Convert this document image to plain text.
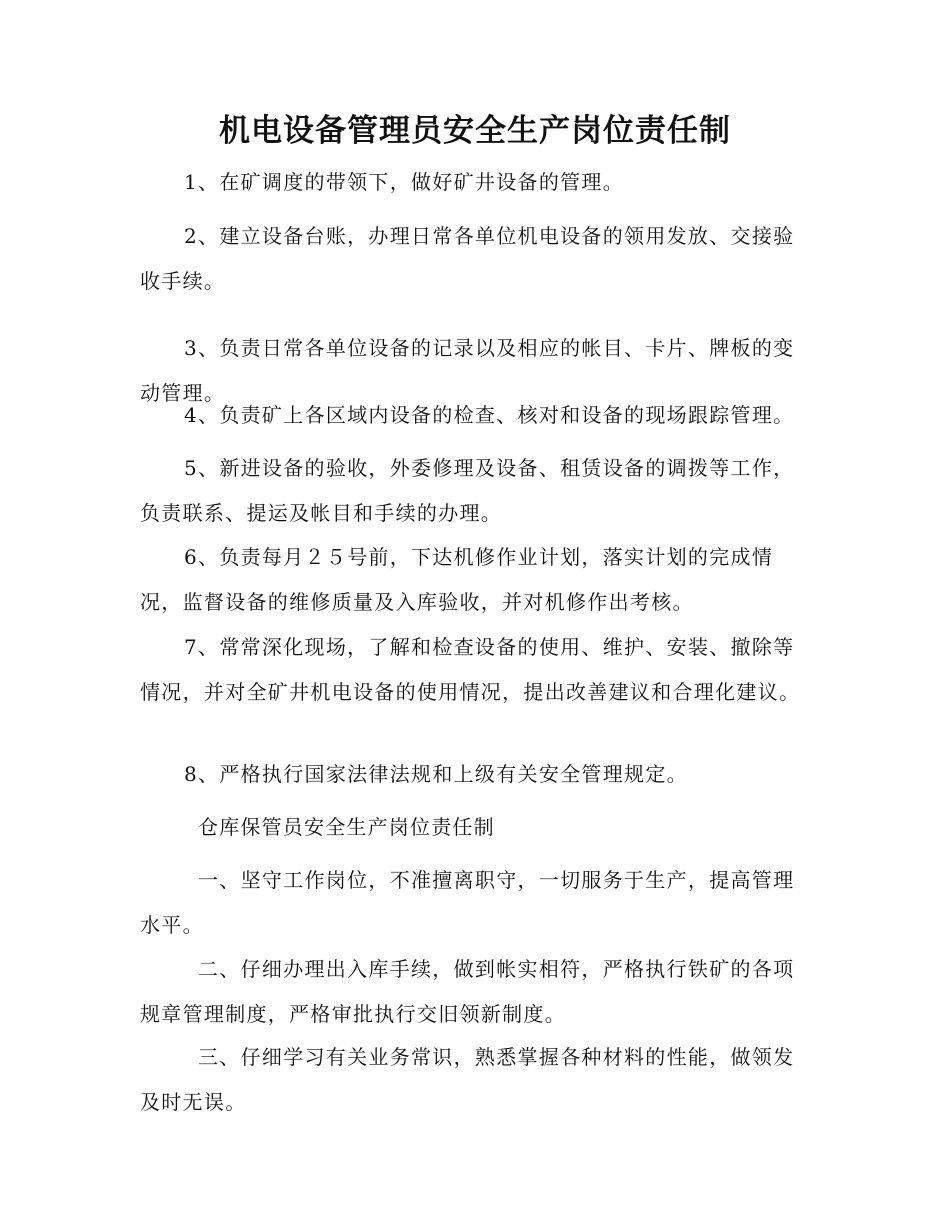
机电设备管理员安全生产岗位责任制
1、在矿调度的带领下，做好矿井设备的管理。
2、建立设备台账，办理日常各单位机电设备的领用发放、交接验收手续。
3、负责日常各单位设备的记录以及相应的帐目、卡片、牌板的变动管理。
4、负责矿上各区域内设备的检查、核对和设备的现场跟踪管理。
5、新进设备的验收，外委修理及设备、租赁设备的调拨等工作，负责联系、提运及帐目和手续的办理。
6、负责每月２５号前，下达机修作业计划，落实计划的完成情况，监督设备的维修质量及入库验收，并对机修作出考核。
7、常常深化现场，了解和检查设备的使用、维护、安装、撤除等情况，并对全矿井机电设备的使用情况，提出改善建议和合理化建议。
8、严格执行国家法律法规和上级有关安全管理规定。
仓库保管员安全生产岗位责任制
一、坚守工作岗位，不准擅离职守，一切服务于生产，提高管理水平。
二、仔细办理出入库手续，做到帐实相符，严格执行铁矿的各项规章管理制度，严格审批执行交旧领新制度。
三、仔细学习有关业务常识，熟悉掌握各种材料的性能，做领发及时无误。
